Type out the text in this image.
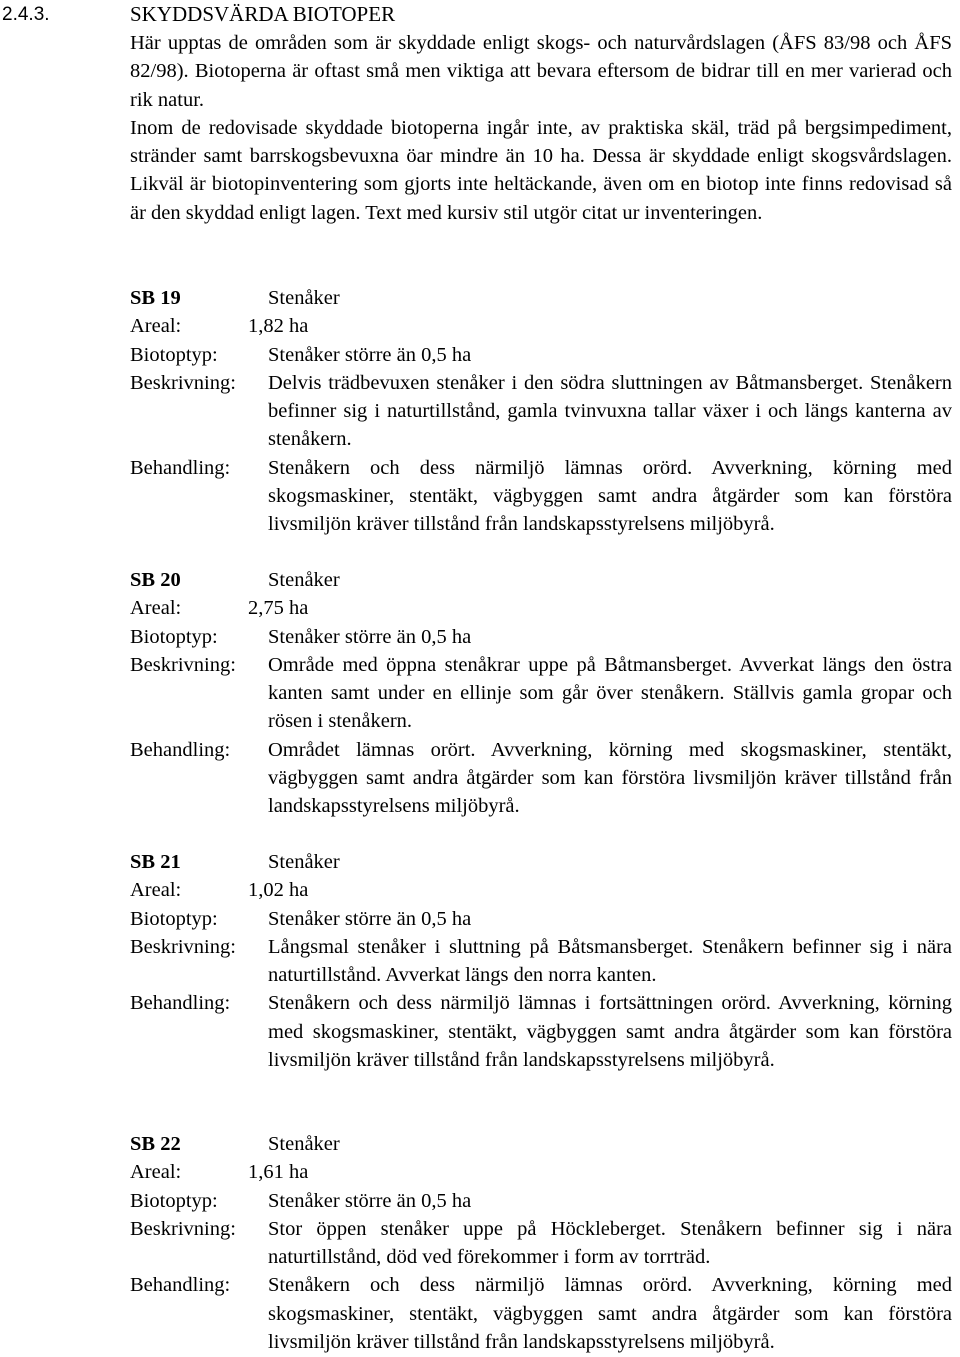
2.4.3.	SKYDDSVÄRDA BIOTOPER

Här upptas de områden som är skyddade enligt skogs- och naturvårdslagen (ÅFS 83/98 och ÅFS 82/98). Biotoperna är oftast små men viktiga att bevara eftersom de bidrar till en mer varierad och rik natur.

Inom de redovisade skyddade biotoperna ingår inte, av praktiska skäl, träd på bergsimpediment, stränder samt barrskogsbevuxna öar mindre än 10 ha. Dessa är skyddade enligt skogsvårdslagen. Likväl är biotopinventering som gjorts inte heltäckande, även om en biotop inte finns redovisad så är den skyddad enligt lagen. Text med kursiv stil utgör citat ur inventeringen.

SB 19	Stenåker
Areal:	1,82 ha
Biotoptyp: Stenåker större än 0,5 ha
Beskrivning: Delvis trädbevuxen stenåker i den södra sluttningen av Båtmansberget. Stenåkern befinner sig i naturtillstånd, gamla tvinvuxna tallar växer i och längs kanterna av stenåkern.
Behandling: Stenåkern och dess närmiljö lämnas orörd. Avverkning, körning med skogsmaskiner, stentäkt, vägbyggen samt andra åtgärder som kan förstöra livsmiljön kräver tillstånd från landskapsstyrelsens miljöbyrå.
SB 20	Stenåker
Areal:	2,75 ha
Biotoptyp: Stenåker större än 0,5 ha
Beskrivning: Område med öppna stenåkrar uppe på Båtmansberget. Avverkat längs den östra kanten samt under en ellinje som går över stenåkern. Ställvis gamla gropar och rösen i stenåkern.
Behandling: Området lämnas orört. Avverkning, körning med skogsmaskiner, stentäkt, vägbyggen samt andra åtgärder som kan förstöra livsmiljön kräver tillstånd från landskapsstyrelsens miljöbyrå.
SB 21	Stenåker
Areal:	1,02 ha
Biotoptyp: Stenåker större än 0,5 ha
Beskrivning: Långsmal stenåker i sluttning på Båtsmansberget. Stenåkern befinner sig i nära naturtillstånd. Avverkat längs den norra kanten.
Behandling: Stenåkern och dess närmiljö lämnas i fortsättningen orörd. Avverkning, körning med skogsmaskiner, stentäkt, vägbyggen samt andra åtgärder som kan förstöra livsmiljön kräver tillstånd från landskapsstyrelsens miljöbyrå.
SB 22	Stenåker
Areal:	1,61 ha
Biotoptyp: Stenåker större än 0,5 ha
Beskrivning: Stor öppen stenåker uppe på Höckleberget. Stenåkern befinner sig i nära naturtillstånd, död ved förekommer i form av torrträd.
Behandling: Stenåkern och dess närmiljö lämnas orörd. Avverkning, körning med skogsmaskiner, stentäkt, vägbyggen samt andra åtgärder som kan förstöra livsmiljön kräver tillstånd från landskapsstyrelsens miljöbyrå.
